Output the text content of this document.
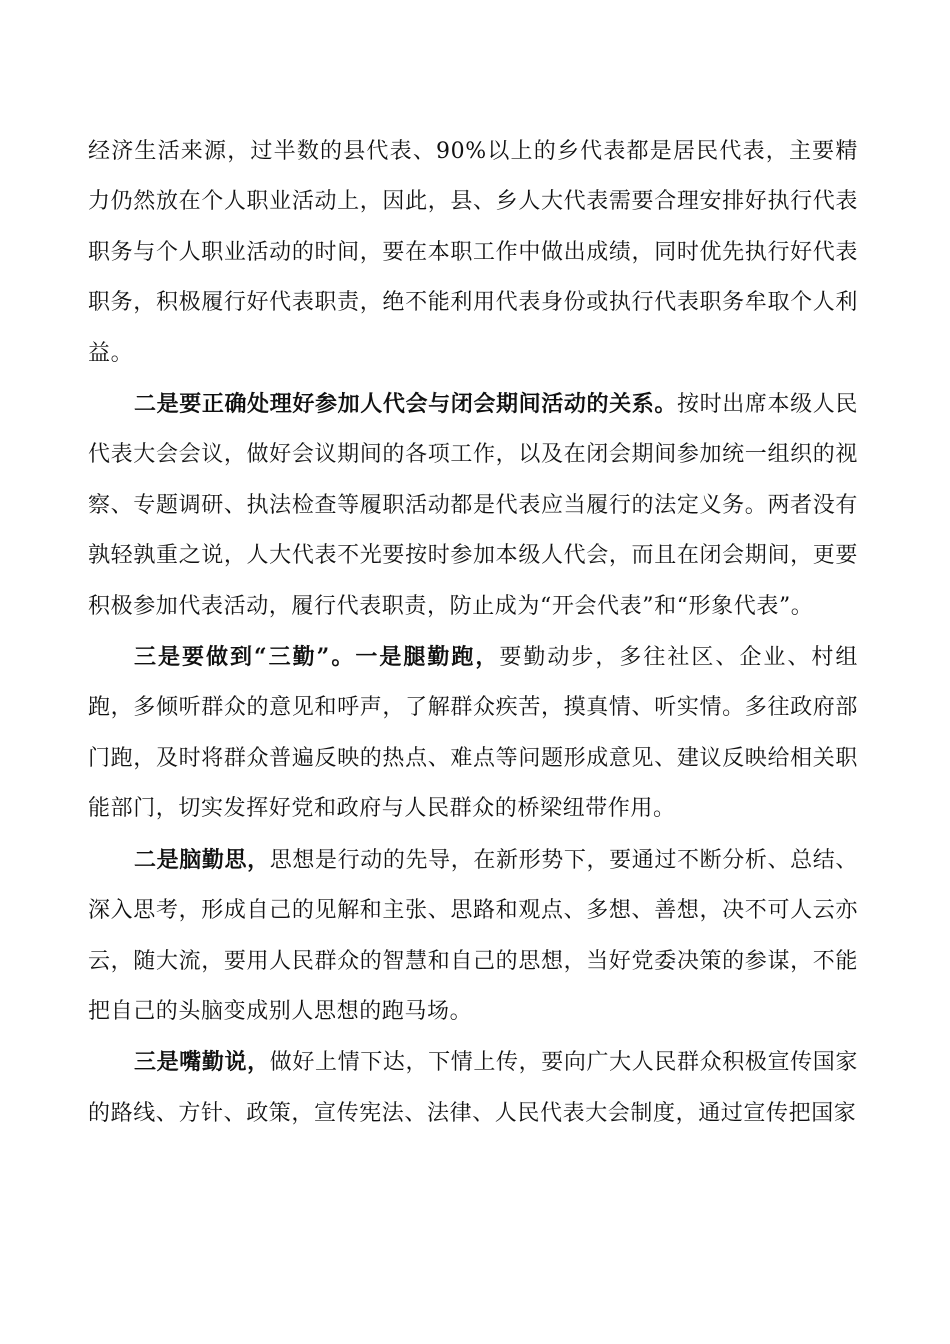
经济生活来源，过半数的县代表、90%以上的乡代表都是居民代表，主要精力仍然放在个人职业活动上，因此，县、乡人大代表需要合理安排好执行代表职务与个人职业活动的时间，要在本职工作中做出成绩，同时优先执行好代表职务，积极履行好代表职责，绝不能利用代表身份或执行代表职务牟取个人利益。

二是要正确处理好参加人代会与闭会期间活动的关系。按时出席本级人民代表大会会议，做好会议期间的各项工作，以及在闭会期间参加统一组织的视察、专题调研、执法检查等履职活动都是代表应当履行的法定义务。两者没有孰轻孰重之说，人大代表不光要按时参加本级人代会，而且在闭会期间，更要积极参加代表活动，履行代表职责，防止成为“开会代表”和“形象代表”。

三是要做到“三勤”。一是腿勤跑，要勤动步，多往社区、企业、村组跑，多倾听群众的意见和呼声，了解群众疾苦，摸真情、听实情。多往政府部门跑，及时将群众普遍反映的热点、难点等问题形成意见、建议反映给相关职能部门，切实发挥好党和政府与人民群众的桥梁纽带作用。

二是脑勤思，思想是行动的先导，在新形势下，要通过不断分析、总结、深入思考，形成自己的见解和主张、思路和观点、多想、善想，决不可人云亦云，随大流，要用人民群众的智慧和自己的思想，当好党委决策的参谋，不能把自己的头脑变成别人思想的跑马场。

三是嘴勤说，做好上情下达，下情上传，要向广大人民群众积极宣传国家的路线、方针、政策，宣传宪法、法律、人民代表大会制度，通过宣传把国家
